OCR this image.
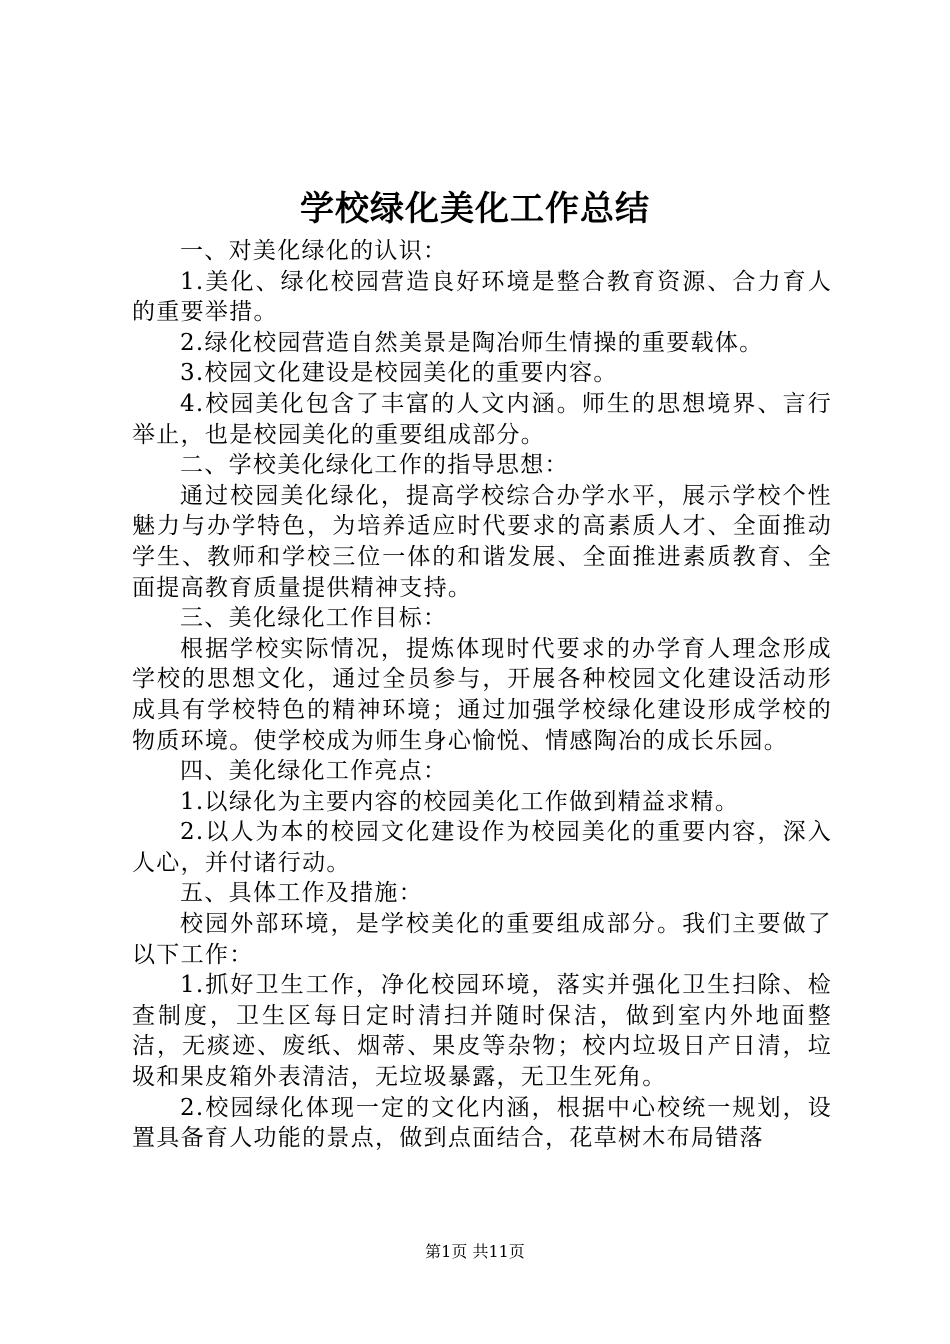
学校绿化美化工作总结

一、对美化绿化的认识：

1.美化、绿化校园营造良好环境是整合教育资源、合力育人的重要举措。

2.绿化校园营造自然美景是陶冶师生情操的重要载体。

3.校园文化建设是校园美化的重要内容。

4.校园美化包含了丰富的人文内涵。师生的思想境界、言行举止，也是校园美化的重要组成部分。

二、学校美化绿化工作的指导思想：

通过校园美化绿化，提高学校综合办学水平，展示学校个性魅力与办学特色，为培养适应时代要求的高素质人才、全面推动学生、教师和学校三位一体的和谐发展、全面推进素质教育、全面提高教育质量提供精神支持。

三、美化绿化工作目标：

根据学校实际情况，提炼体现时代要求的办学育人理念形成学校的思想文化，通过全员参与，开展各种校园文化建设活动形成具有学校特色的精神环境；通过加强学校绿化建设形成学校的物质环境。使学校成为师生身心愉悦、情感陶冶的成长乐园。

四、美化绿化工作亮点：

1.以绿化为主要内容的校园美化工作做到精益求精。

2.以人为本的校园文化建设作为校园美化的重要内容，深入人心，并付诸行动。

五、具体工作及措施：

校园外部环境，是学校美化的重要组成部分。我们主要做了以下工作：

1.抓好卫生工作，净化校园环境，落实并强化卫生扫除、检查制度，卫生区每日定时清扫并随时保洁，做到室内外地面整洁，无痰迹、废纸、烟蒂、果皮等杂物；校内垃圾日产日清，垃圾和果皮箱外表清洁，无垃圾暴露，无卫生死角。

2.校园绿化体现一定的文化内涵，根据中心校统一规划，设置具备育人功能的景点，做到点面结合，花草树木布局错落

第1页 共11页
